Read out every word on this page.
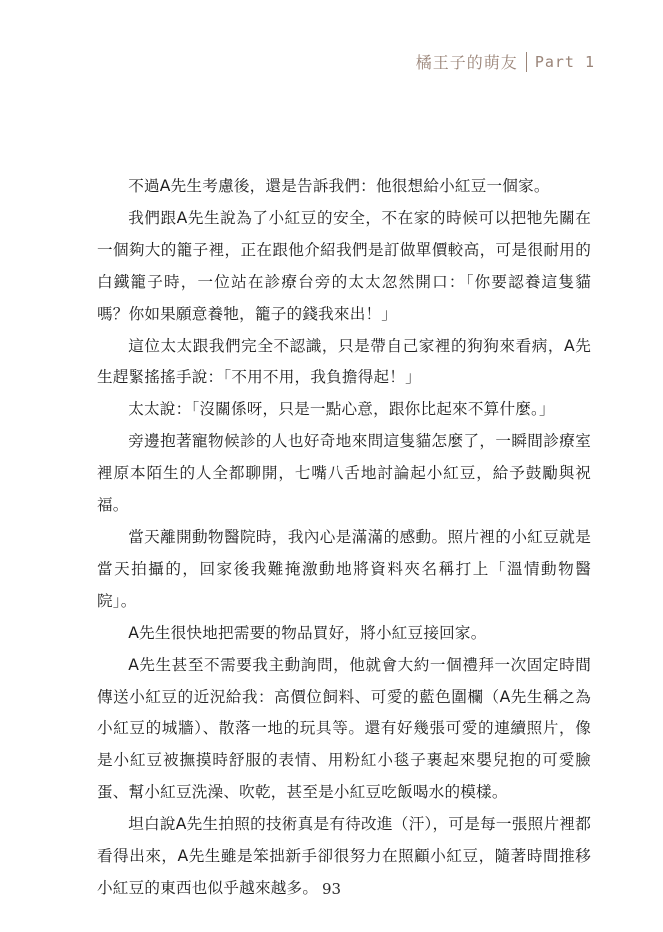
橘王子的萌友 Part 1

不過A先生考慮後，還是告訴我們：他很想給小紅豆一個家。

我們跟A先生說為了小紅豆的安全，不在家的時候可以把牠先關在一個夠大的籠子裡，正在跟他介紹我們是訂做單價較高，可是很耐用的白鐵籠子時，一位站在診療台旁的太太忽然開口：「你要認養這隻貓嗎？你如果願意養牠，籠子的錢我來出！」

這位太太跟我們完全不認識，只是帶自己家裡的狗狗來看病，A先生趕緊搖搖手說：「不用不用，我負擔得起！」

太太說：「沒關係呀，只是一點心意，跟你比起來不算什麼。」

旁邊抱著寵物候診的人也好奇地來問這隻貓怎麼了，一瞬間診療室裡原本陌生的人全都聊開，七嘴八舌地討論起小紅豆，給予鼓勵與祝福。

當天離開動物醫院時，我內心是滿滿的感動。照片裡的小紅豆就是當天拍攝的，回家後我難掩激動地將資料夾名稱打上「溫情動物醫院」。

A先生很快地把需要的物品買好，將小紅豆接回家。

A先生甚至不需要我主動詢問，他就會大約一個禮拜一次固定時間傳送小紅豆的近況給我：高價位飼料、可愛的藍色圍欄（A先生稱之為小紅豆的城牆）、散落一地的玩具等。還有好幾張可愛的連續照片，像是小紅豆被撫摸時舒服的表情、用粉紅小毯子裹起來嬰兒抱的可愛臉蛋、幫小紅豆洗澡、吹乾，甚至是小紅豆吃飯喝水的模樣。

坦白說A先生拍照的技術真是有待改進（汗），可是每一張照片裡都看得出來，A先生雖是笨拙新手卻很努力在照顧小紅豆，隨著時間推移小紅豆的東西也似乎越來越多。 93
